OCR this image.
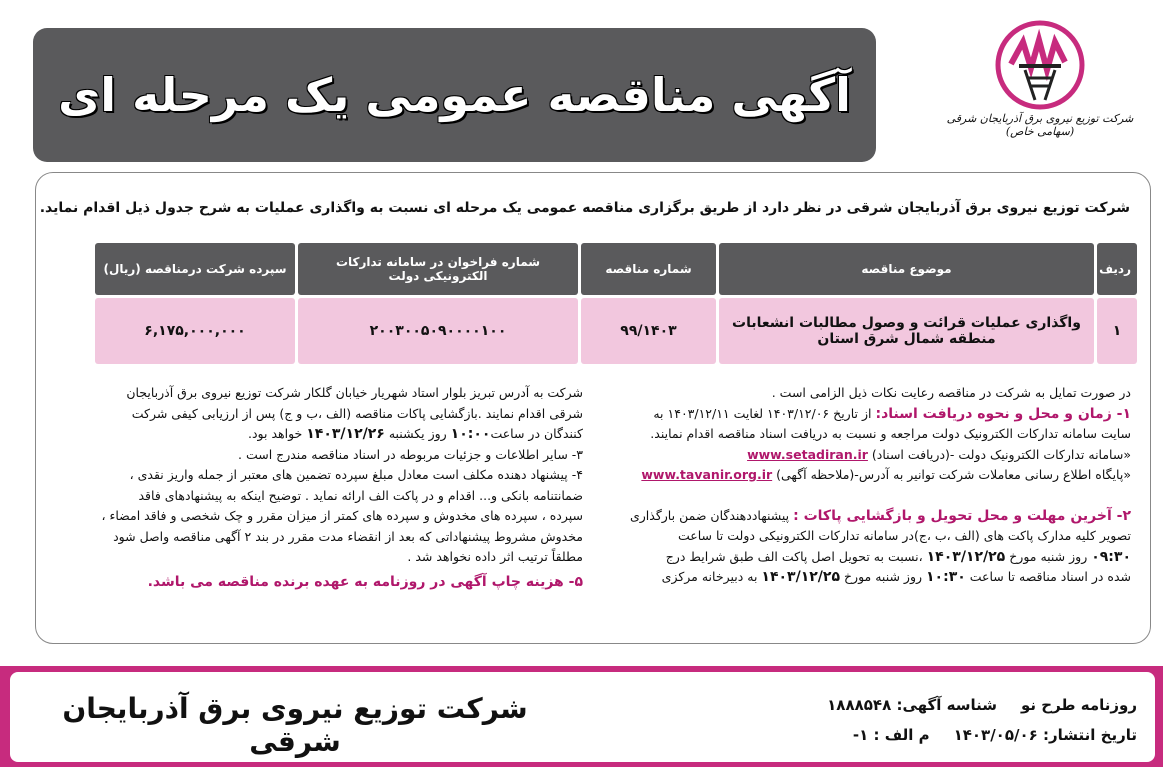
آگهی مناقصه عمومی یک مرحله ای	شرکت توزیع نیروی برق آذربایجان شرقی
(سهامی خاص)
شرکت توزیع نیروی برق آذربایجان شرقی در نظر دارد از طریق برگزاری مناقصه عمومی یک مرحله ای نسبت به واگذاری عملیات به شرح جدول ذیل اقدام نماید.
ردیف	موضوع مناقصه	شماره مناقصه	شماره فراخوان در سامانه تدارکات الکترونیکی دولت	سپرده شرکت درمناقصه (ریال)
۱	واگذاری عملیات قرائت و وصول مطالبات انشعابات منطقه شمال شرق استان	۹۹/۱۴۰۳	۲۰۰۳۰۰۵۰۹۰۰۰۰۱۰۰	۶,۱۷۵,۰۰۰,۰۰۰

در صورت تمایل به شرکت در مناقصه رعایت نکات ذیل الزامی است .

۱- زمان و محل و نحوه دریافت اسناد: از تاریخ ۱۴۰۳/۱۲/۰۶ لغایت ۱۴۰۳/۱۲/۱۱ به

سایت سامانه تدارکات الکترونیک دولت مراجعه و نسبت به دریافت اسناد مناقصه اقدام نمایند.

«سامانه تدارکات الکترونیک دولت -(دریافت اسناد) www.setadiran.ir

«پایگاه اطلاع رسانی معاملات شرکت توانیر به آدرس-(ملاحظه آگهی) www.tavanir.org.ir

۲- آخرین مهلت و محل تحویل و بازگشایی پاکات : پیشنهاددهندگان ضمن بارگذاری

تصویر کلیه مدارک پاکت های (الف ،ب ،ج)در سامانه تدارکات الکترونیکی دولت تا ساعت

۰۹:۳۰ روز شنبه مورخ ۱۴۰۳/۱۲/۲۵ ،نسبت به تحویل اصل پاکت الف طبق شرایط درج

شده در اسناد مناقصه تا ساعت ۱۰:۳۰ روز شنبه مورخ ۱۴۰۳/۱۲/۲۵ به دبیرخانه مرکزی

شرکت به آدرس تبریز بلوار استاد شهریار خیابان گلکار شرکت توزیع نیروی برق آذربایجان

شرقی اقدام نمایند .بازگشایی پاکات مناقصه (الف ،ب و ج) پس از ارزیابی کیفی شرکت

کنندگان در ساعت۱۰:۰۰ روز یکشنبه ۱۴۰۳/۱۲/۲۶ خواهد بود.

۳- سایر اطلاعات و جزئیات مربوطه در اسناد مناقصه مندرج است .

۴- پیشنهاد دهنده مکلف است معادل مبلغ سپرده تضمین های معتبر از جمله واریز نقدی ،

ضمانتنامه بانکی و... اقدام و در پاکت الف ارائه نماید . توضیح اینکه به پیشنهادهای فاقد

سپرده ، سپرده های مخدوش و سپرده های کمتر از میزان مقرر و چک شخصی و فاقد امضاء ،

مخدوش مشروط پیشنهاداتی که بعد از انقضاء مدت مقرر در بند ۲ آگهی مناقصه واصل شود

مطلقاً ترتیب اثر داده نخواهد شد .

۵- هزینه چاپ آگهی در روزنامه به عهده برنده مناقصه می باشد.

شرکت توزیع نیروی برق آذربایجان شرقی
روزنامه طرح نوشناسه آگهی: ۱۸۸۸۵۴۸
تاریخ انتشار: ۱۴۰۳/۰۵/۰۶م الف : ۱-
